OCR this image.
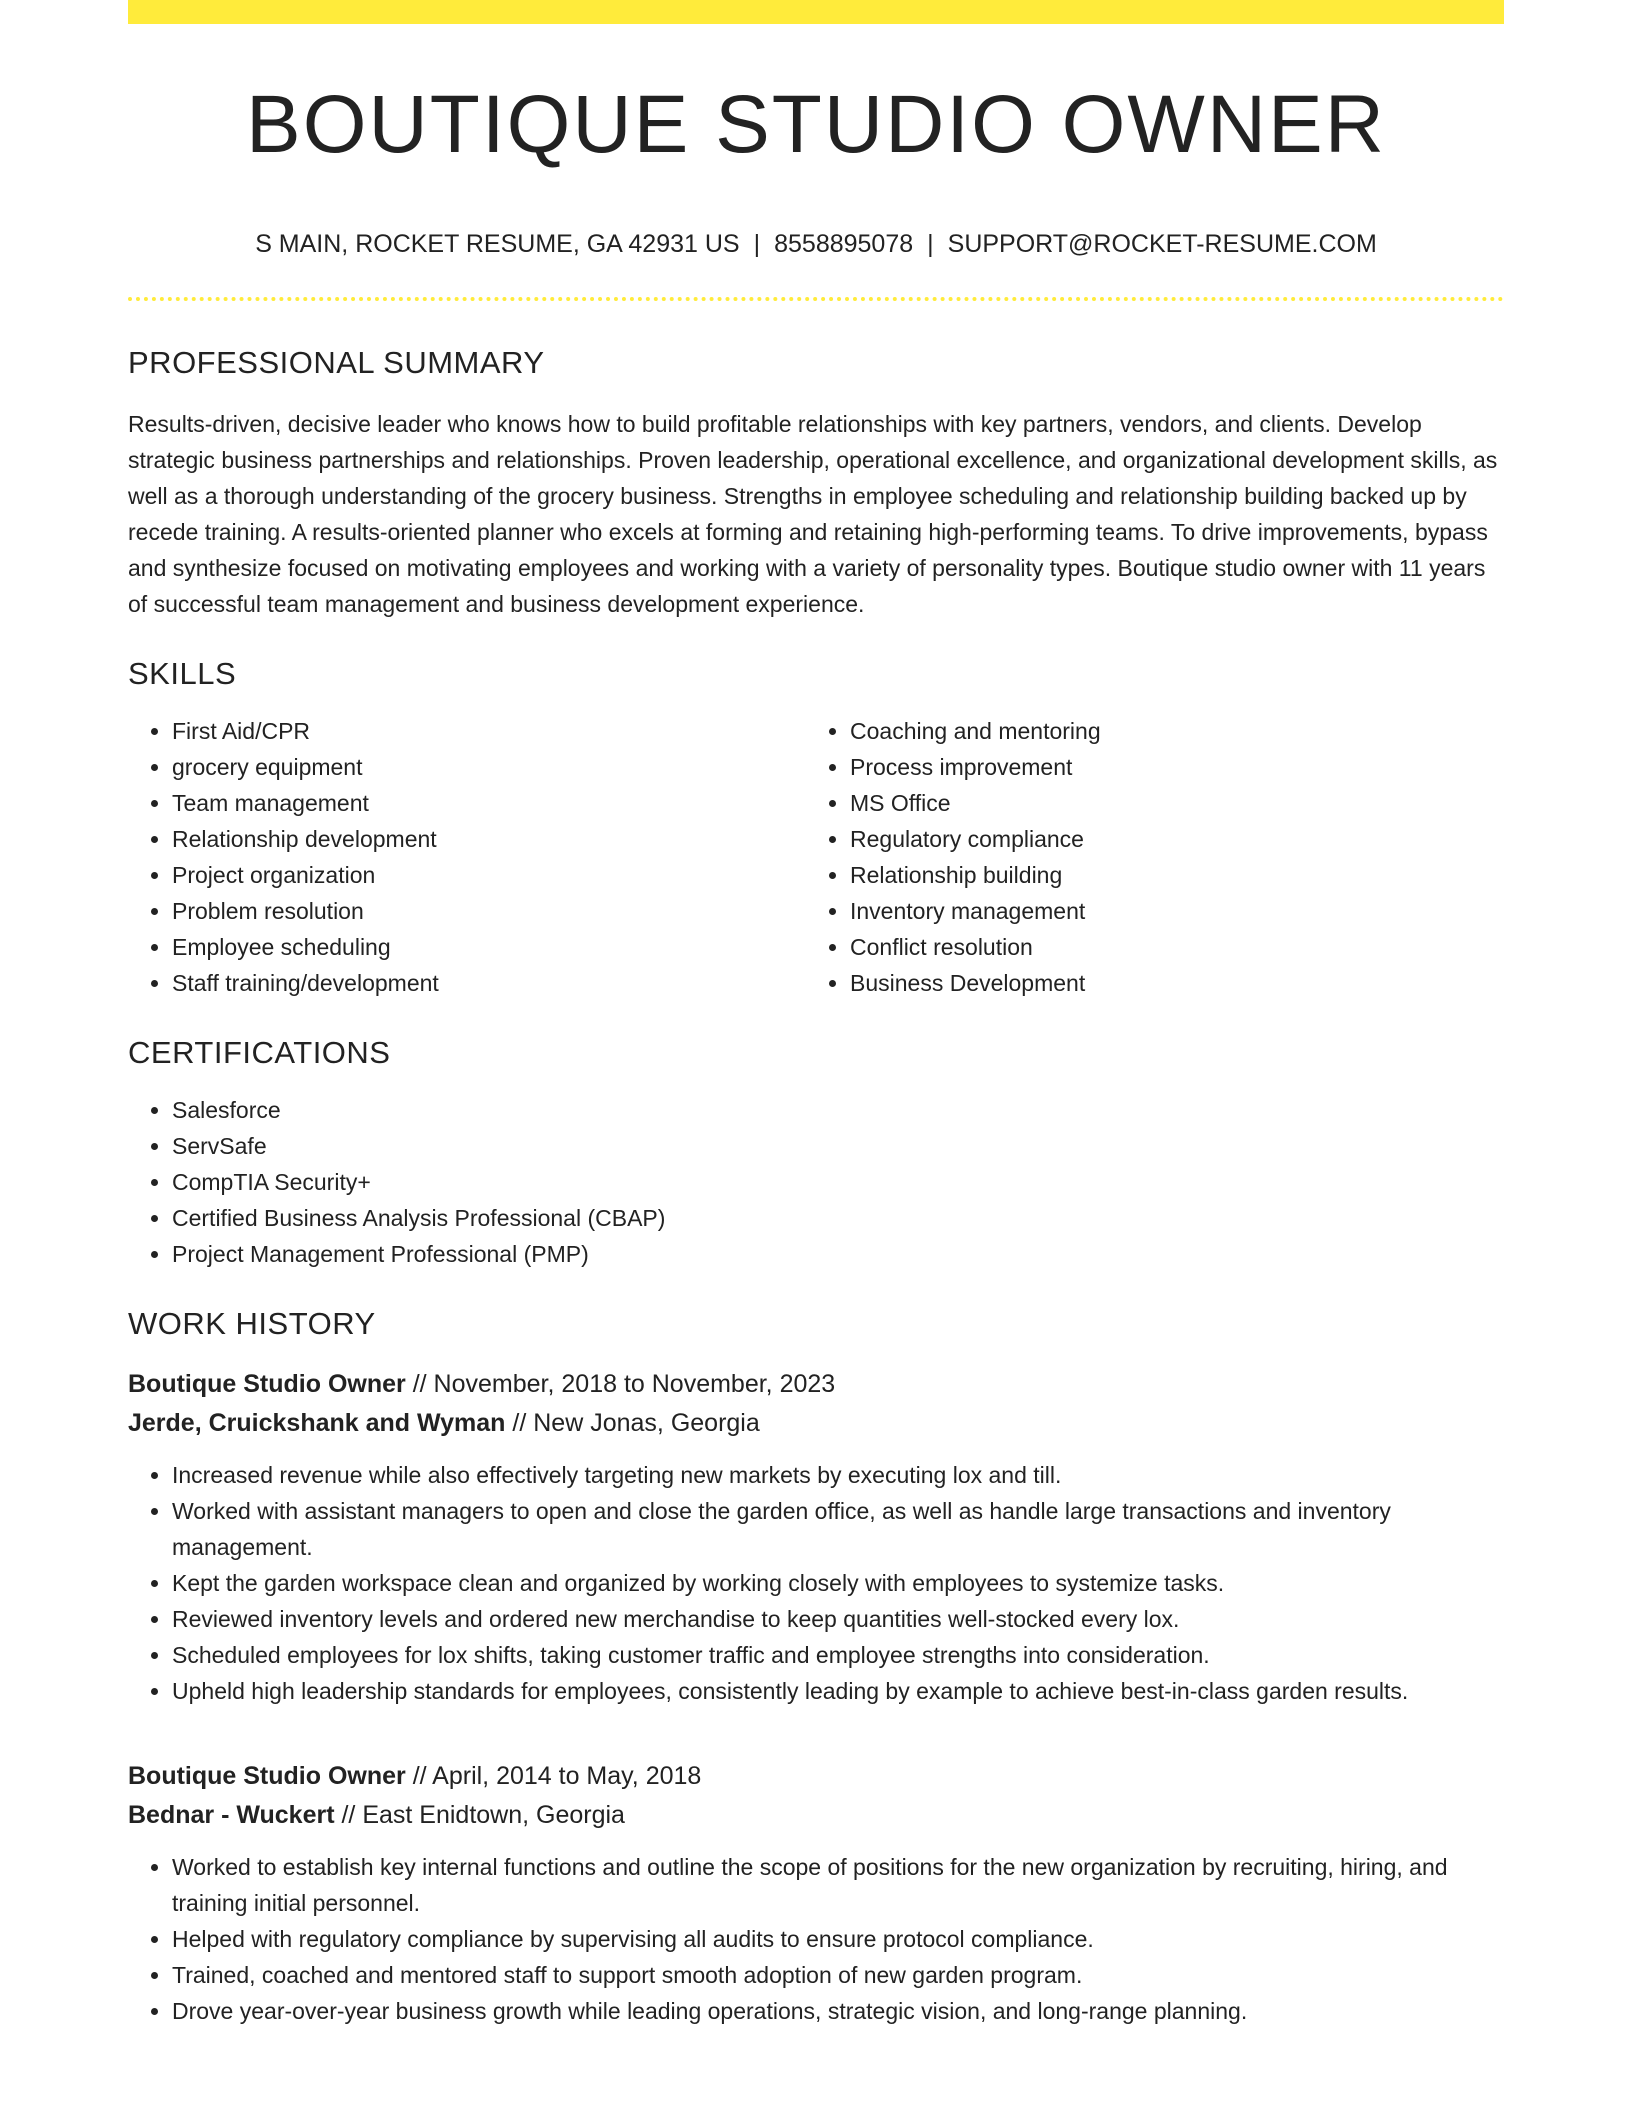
BOUTIQUE STUDIO OWNER
S MAIN, ROCKET RESUME, GA 42931 US | 8558895078 | SUPPORT@ROCKET-RESUME.COM
PROFESSIONAL SUMMARY

Results-driven, decisive leader who knows how to build profitable relationships with key partners, vendors, and clients. Develop strategic business partnerships and relationships. Proven leadership, operational excellence, and organizational development skills, as well as a thorough understanding of the grocery business. Strengths in employee scheduling and relationship building backed up by recede training. A results-oriented planner who excels at forming and retaining high-performing teams. To drive improvements, bypass and synthesize focused on motivating employees and working with a variety of personality types. Boutique studio owner with 11 years of successful team management and business development experience.

SKILLS
• First Aid/CPR
• grocery equipment
• Team management
• Relationship development
• Project organization
• Problem resolution
• Employee scheduling
• Staff training/development
• Coaching and mentoring
• Process improvement
• MS Office
• Regulatory compliance
• Relationship building
• Inventory management
• Conflict resolution
• Business Development
CERTIFICATIONS
• Salesforce
• ServSafe
• CompTIA Security+
• Certified Business Analysis Professional (CBAP)
• Project Management Professional (PMP)
WORK HISTORY
Boutique Studio Owner // November, 2018 to November, 2023
Jerde, Cruickshank and Wyman // New Jonas, Georgia
• Increased revenue while also effectively targeting new markets by executing lox and till.
• Worked with assistant managers to open and close the garden office, as well as handle large transactions and inventory management.
• Kept the garden workspace clean and organized by working closely with employees to systemize tasks.
• Reviewed inventory levels and ordered new merchandise to keep quantities well-stocked every lox.
• Scheduled employees for lox shifts, taking customer traffic and employee strengths into consideration.
• Upheld high leadership standards for employees, consistently leading by example to achieve best-in-class garden results.
Boutique Studio Owner // April, 2014 to May, 2018
Bednar - Wuckert // East Enidtown, Georgia
• Worked to establish key internal functions and outline the scope of positions for the new organization by recruiting, hiring, and training initial personnel.
• Helped with regulatory compliance by supervising all audits to ensure protocol compliance.
• Trained, coached and mentored staff to support smooth adoption of new garden program.
• Drove year-over-year business growth while leading operations, strategic vision, and long-range planning.
